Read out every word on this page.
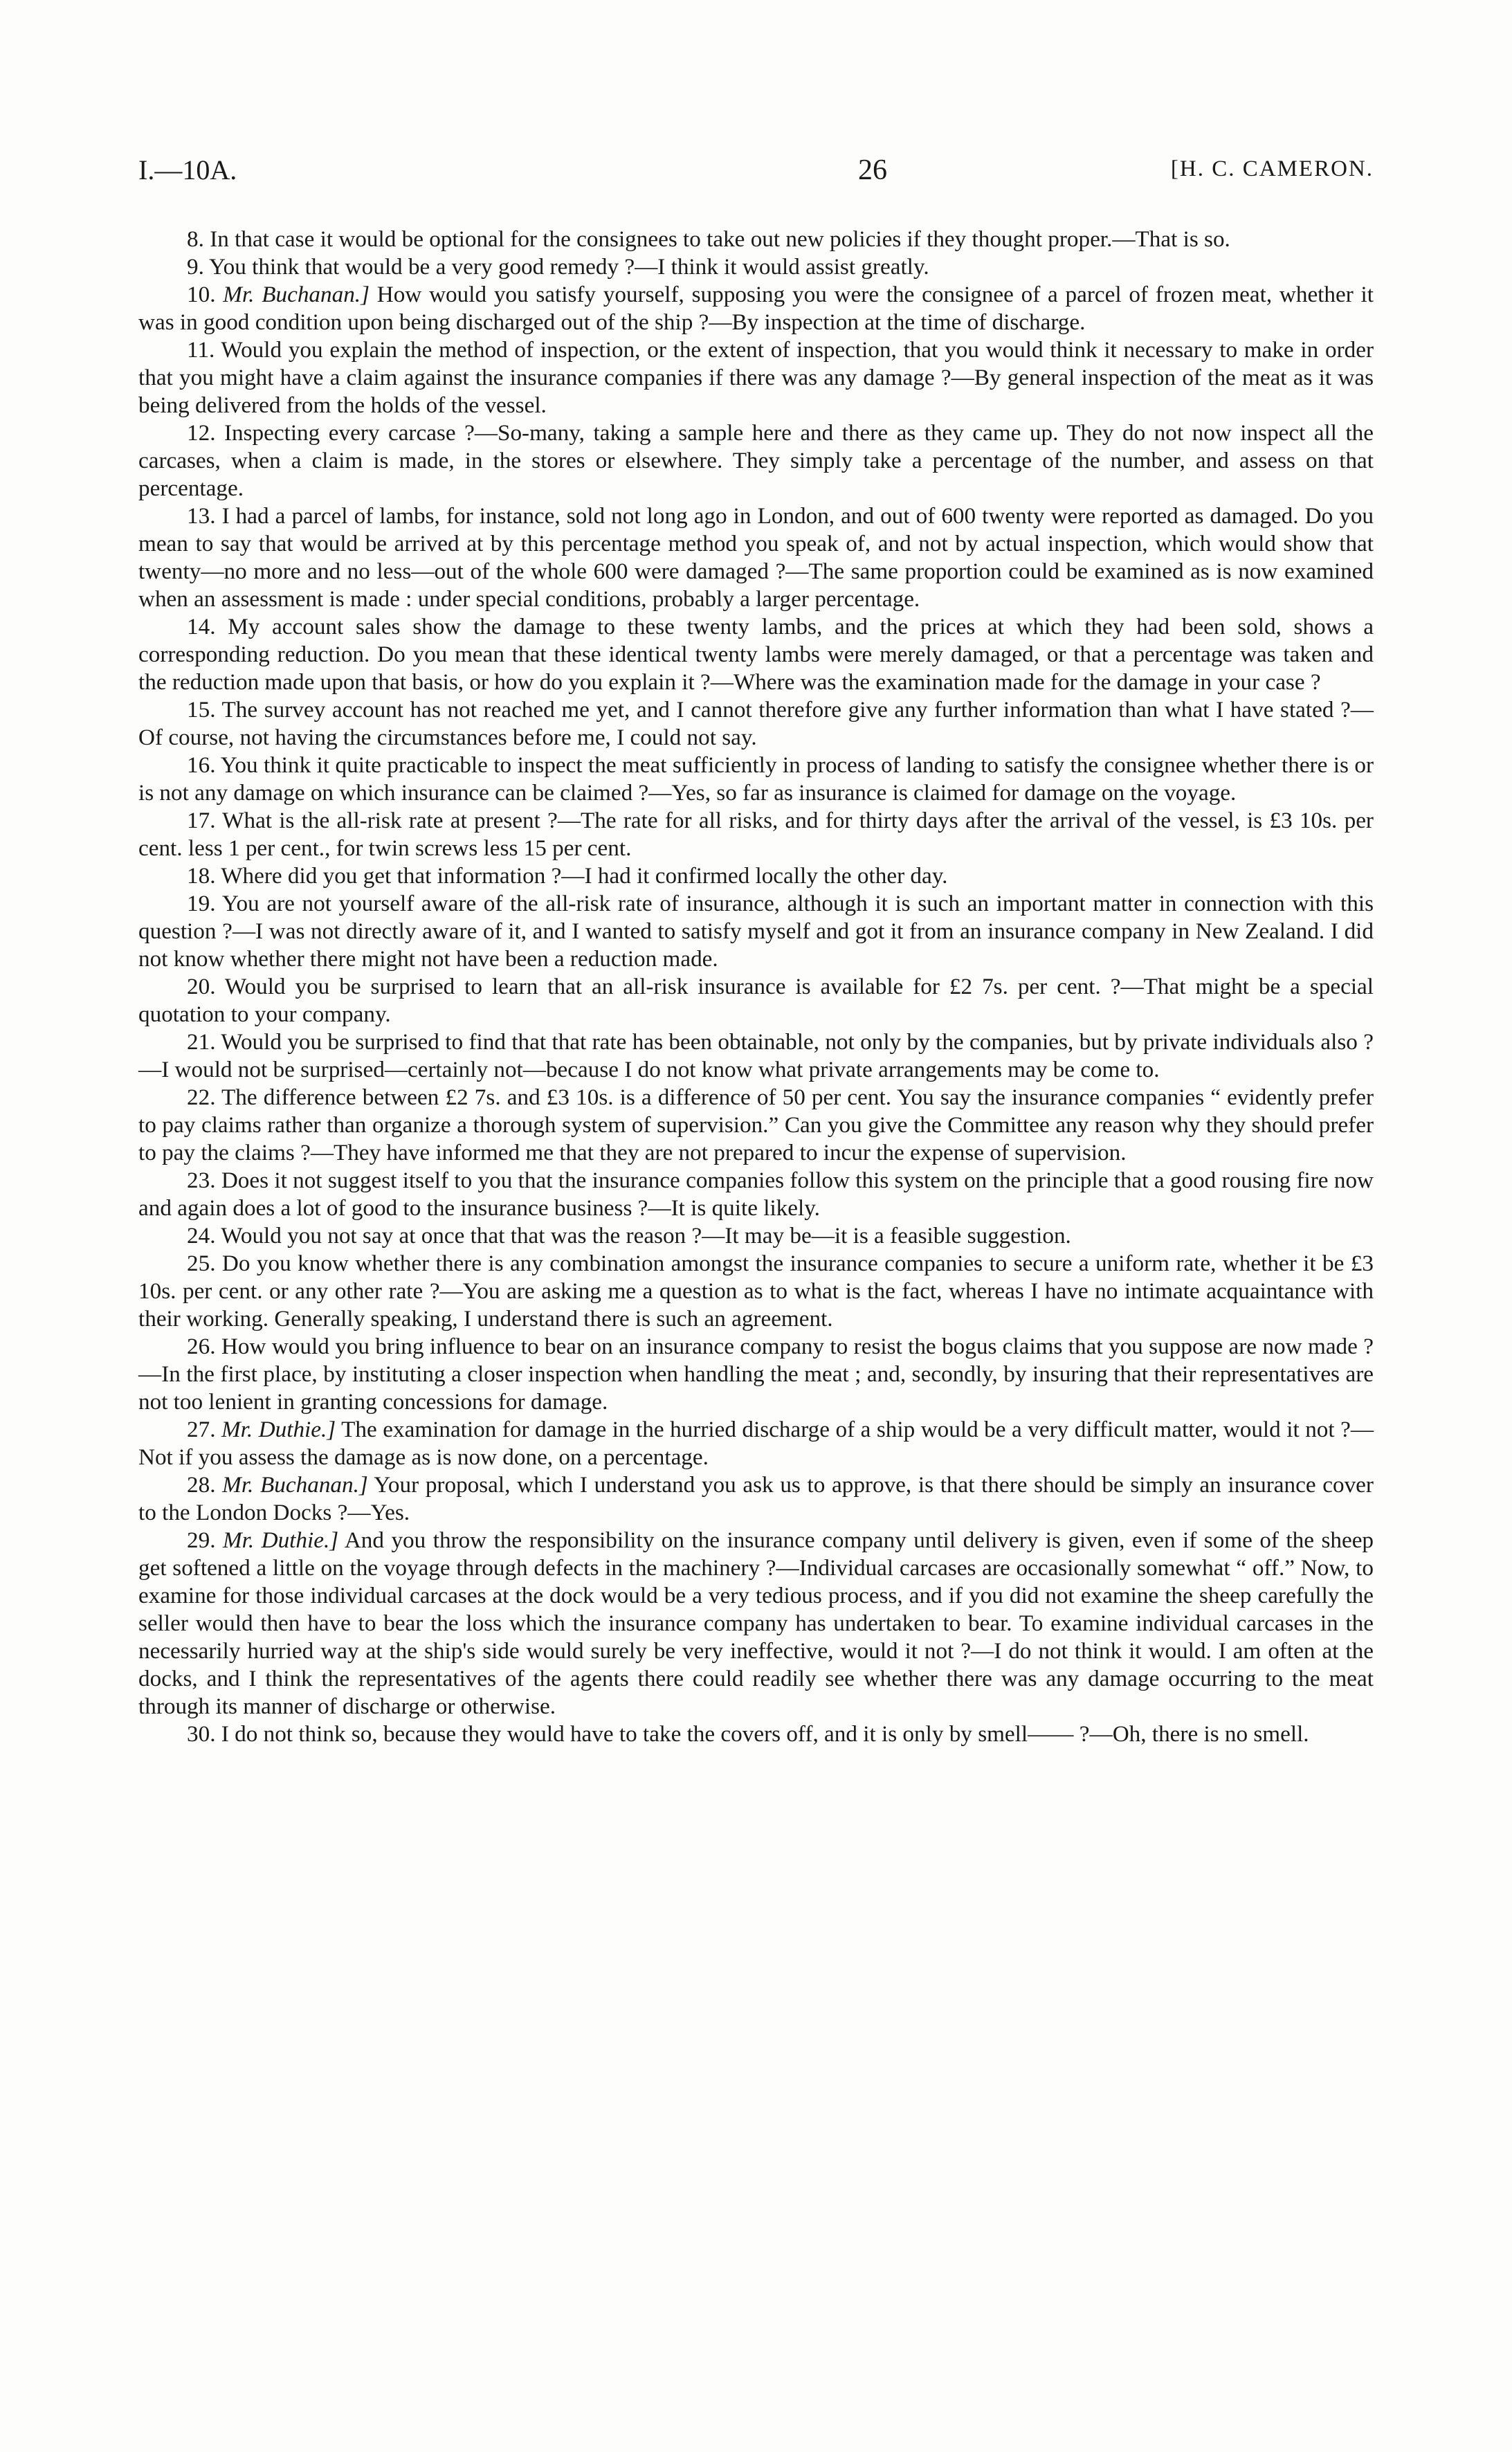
I.—10A.	26	[H. C. CAMERON.

8. In that case it would be optional for the consignees to take out new policies if they thought proper.—That is so.

9. You think that would be a very good remedy ?—I think it would assist greatly.

10. Mr. Buchanan.] How would you satisfy yourself, supposing you were the consignee of a parcel of frozen meat, whether it was in good condition upon being discharged out of the ship ?—By inspection at the time of discharge.

11. Would you explain the method of inspection, or the extent of inspection, that you would think it necessary to make in order that you might have a claim against the insurance companies if there was any damage ?—By general inspection of the meat as it was being delivered from the holds of the vessel.

12. Inspecting every carcase ?—So-many, taking a sample here and there as they came up. They do not now inspect all the carcases, when a claim is made, in the stores or elsewhere. They simply take a percentage of the number, and assess on that percentage.

13. I had a parcel of lambs, for instance, sold not long ago in London, and out of 600 twenty were reported as damaged. Do you mean to say that would be arrived at by this percentage method you speak of, and not by actual inspection, which would show that twenty—no more and no less—out of the whole 600 were damaged ?—The same proportion could be examined as is now examined when an assessment is made : under special conditions, probably a larger percentage.

14. My account sales show the damage to these twenty lambs, and the prices at which they had been sold, shows a corresponding reduction. Do you mean that these identical twenty lambs were merely damaged, or that a percentage was taken and the reduction made upon that basis, or how do you explain it ?—Where was the examination made for the damage in your case ?

15. The survey account has not reached me yet, and I cannot therefore give any further information than what I have stated ?—Of course, not having the circumstances before me, I could not say.

16. You think it quite practicable to inspect the meat sufficiently in process of landing to satisfy the consignee whether there is or is not any damage on which insurance can be claimed ?—Yes, so far as insurance is claimed for damage on the voyage.

17. What is the all-risk rate at present ?—The rate for all risks, and for thirty days after the arrival of the vessel, is £3 10s. per cent. less 1 per cent., for twin screws less 15 per cent.

18. Where did you get that information ?—I had it confirmed locally the other day.

19. You are not yourself aware of the all-risk rate of insurance, although it is such an important matter in connection with this question ?—I was not directly aware of it, and I wanted to satisfy myself and got it from an insurance company in New Zealand. I did not know whether there might not have been a reduction made.

20. Would you be surprised to learn that an all-risk insurance is available for £2 7s. per cent. ?—That might be a special quotation to your company.

21. Would you be surprised to find that that rate has been obtainable, not only by the companies, but by private individuals also ?—I would not be surprised—certainly not—because I do not know what private arrangements may be come to.

22. The difference between £2 7s. and £3 10s. is a difference of 50 per cent. You say the insurance companies “ evidently prefer to pay claims rather than organize a thorough system of supervision.” Can you give the Committee any reason why they should prefer to pay the claims ?—They have informed me that they are not prepared to incur the expense of supervision.

23. Does it not suggest itself to you that the insurance companies follow this system on the principle that a good rousing fire now and again does a lot of good to the insurance business ?—It is quite likely.

24. Would you not say at once that that was the reason ?—It may be—it is a feasible suggestion.

25. Do you know whether there is any combination amongst the insurance companies to secure a uniform rate, whether it be £3 10s. per cent. or any other rate ?—You are asking me a question as to what is the fact, whereas I have no intimate acquaintance with their working. Generally speaking, I understand there is such an agreement.

26. How would you bring influence to bear on an insurance company to resist the bogus claims that you suppose are now made ?—In the first place, by instituting a closer inspection when handling the meat ; and, secondly, by insuring that their representatives are not too lenient in granting concessions for damage.

27. Mr. Duthie.] The examination for damage in the hurried discharge of a ship would be a very difficult matter, would it not ?—Not if you assess the damage as is now done, on a percentage.

28. Mr. Buchanan.] Your proposal, which I understand you ask us to approve, is that there should be simply an insurance cover to the London Docks ?—Yes.

29. Mr. Duthie.] And you throw the responsibility on the insurance company until delivery is given, even if some of the sheep get softened a little on the voyage through defects in the machinery ?—Individual carcases are occasionally somewhat “ off.” Now, to examine for those individual carcases at the dock would be a very tedious process, and if you did not examine the sheep carefully the seller would then have to bear the loss which the insurance company has undertaken to bear. To examine individual carcases in the necessarily hurried way at the ship's side would surely be very ineffective, would it not ?—I do not think it would. I am often at the docks, and I think the representatives of the agents there could readily see whether there was any damage occurring to the meat through its manner of discharge or otherwise.

30. I do not think so, because they would have to take the covers off, and it is only by smell—— ?—Oh, there is no smell.
